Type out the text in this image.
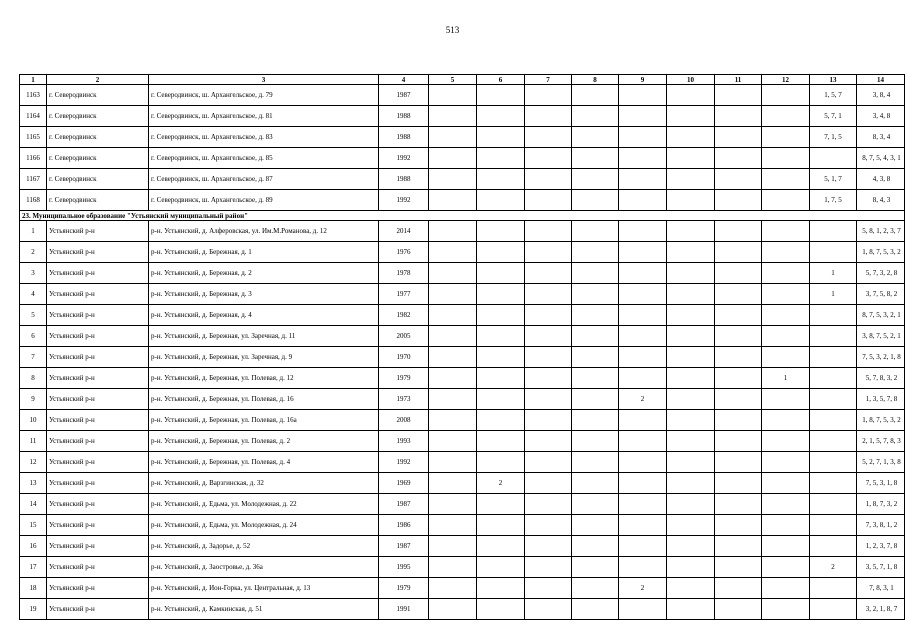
513
1	2	3	4	5	6	7	8	9	10	11	12	13	14
1163	г. Северодвинск	г. Северодвинск, ш. Архангельское, д. 79	1987									1, 5, 7	3, 8, 4
1164	г. Северодвинск	г. Северодвинск, ш. Архангельское, д. 81	1988									5, 7, 1	3, 4, 8
1165	г. Северодвинск	г. Северодвинск, ш. Архангельское, д. 83	1988									7, 1, 5	8, 3, 4
1166	г. Северодвинск	г. Северодвинск, ш. Архангельское, д. 85	1992										8, 7, 5, 4, 3, 1
1167	г. Северодвинск	г. Северодвинск, ш. Архангельское, д. 87	1988									5, 1, 7	4, 3, 8
1168	г. Северодвинск	г. Северодвинск, ш. Архангельское, д. 89	1992									1, 7, 5	8, 4, 3
23. Муниципальное образование "Устьянский муниципальный район"													
1	Устьянский р-н	р-н. Устьянский, д. Алферовская, ул. Им.М.Романова, д. 12	2014										5, 8, 1, 2, 3, 7
2	Устьянский р-н	р-н. Устьянский, д. Бережная, д. 1	1976										1, 8, 7, 5, 3, 2
3	Устьянский р-н	р-н. Устьянский, д. Бережная, д. 2	1978									1	5, 7, 3, 2, 8
4	Устьянский р-н	р-н. Устьянский, д. Бережная, д. 3	1977									1	3, 7, 5, 8, 2
5	Устьянский р-н	р-н. Устьянский, д. Бережная, д. 4	1982										8, 7, 5, 3, 2, 1
6	Устьянский р-н	р-н. Устьянский, д. Бережная, ул. Заречная, д. 11	2005										3, 8, 7, 5, 2, 1
7	Устьянский р-н	р-н. Устьянский, д. Бережная, ул. Заречная, д. 9	1970										7, 5, 3, 2, 1, 8
8	Устьянский р-н	р-н. Устьянский, д. Бережная, ул. Полевая, д. 12	1979								1		5, 7, 8, 3, 2
9	Устьянский р-н	р-н. Устьянский, д. Бережная, ул. Полевая, д. 16	1973					2					1, 3, 5, 7, 8
10	Устьянский р-н	р-н. Устьянский, д. Бережная, ул. Полевая, д. 16а	2008										1, 8, 7, 5, 3, 2
11	Устьянский р-н	р-н. Устьянский, д. Бережная, ул. Полевая, д. 2	1993										2, 1, 5, 7, 8, 3
12	Устьянский р-н	р-н. Устьянский, д. Бережная, ул. Полевая, д. 4	1992										5, 2, 7, 1, 3, 8
13	Устьянский р-н	р-н. Устьянский, д. Варзгинская, д. 32	1969		2								7, 5, 3, 1, 8
14	Устьянский р-н	р-н. Устьянский, д. Едьма, ул. Молодежная, д. 22	1987										1, 8, 7, 3, 2
15	Устьянский р-н	р-н. Устьянский, д. Едьма, ул. Молодежная, д. 24	1986										7, 3, 8, 1, 2
16	Устьянский р-н	р-н. Устьянский, д. Задорье, д. 52	1987										1, 2, 3, 7, 8
17	Устьянский р-н	р-н. Устьянский, д. Заостровье, д. 36а	1995									2	3, 5, 7, 1, 8
18	Устьянский р-н	р-н. Устьянский, д. Ион-Горка, ул. Центральная, д. 13	1979					2					7, 8, 3, 1
19	Устьянский р-н	р-н. Устьянский, д. Камкинская, д. 51	1991										3, 2, 1, 8, 7
